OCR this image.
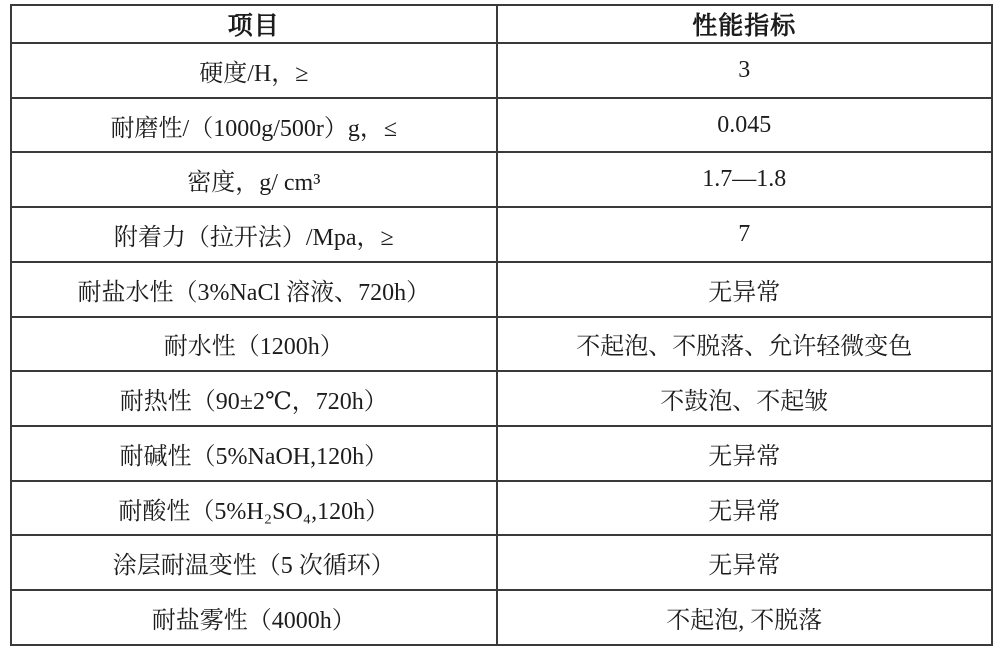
项目	性能指标
硬度/H，≥	3
耐磨性/（1000g/500r）g，≤	0.045
密度，g/ cm³	1.7—1.8
附着力（拉开法）/Mpa，≥	7
耐盐水性（3%NaCl 溶液、720h）	无异常
耐水性（1200h）	不起泡、不脱落、允许轻微变色
耐热性（90±2℃，720h）	不鼓泡、不起皱
耐碱性（5%NaOH,120h）	无异常
耐酸性（5%H₂SO₄,120h）	无异常
涂层耐温变性（5 次循环）	无异常
耐盐雾性（4000h）	不起泡, 不脱落
